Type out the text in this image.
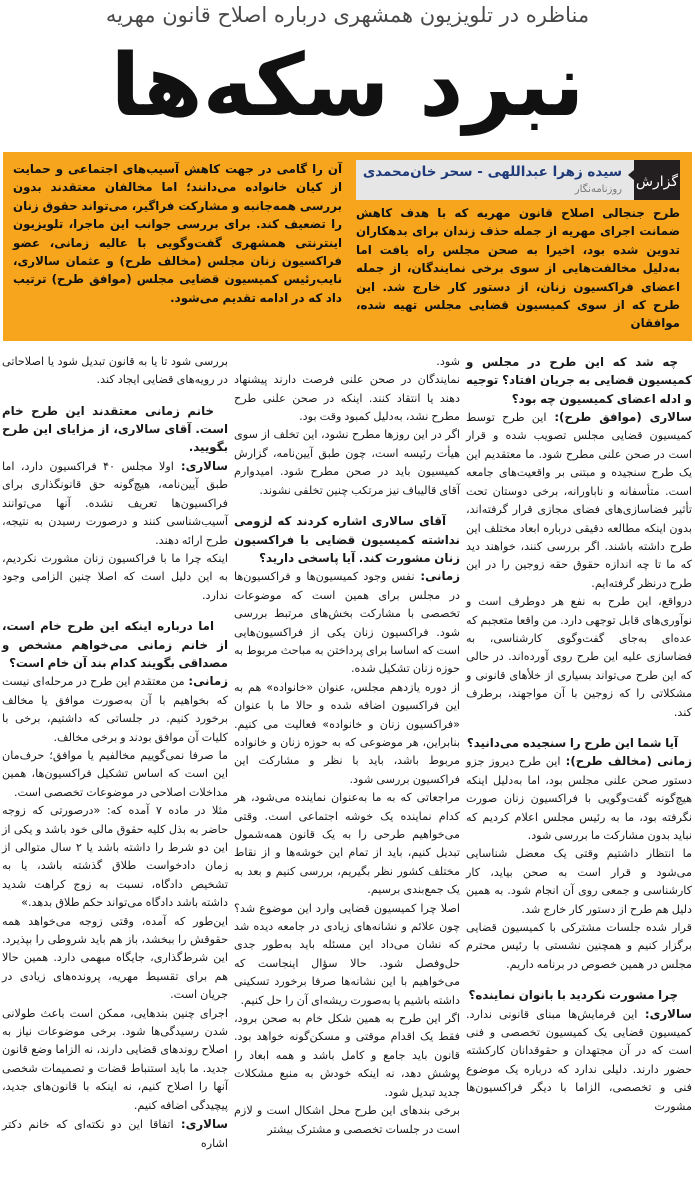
مناظره در تلویزیون همشهری درباره اصلاح قانون مهریه
نبرد سکه‌ها
گزارش
سیده زهرا عبداللهی - سحر خان‌محمدی
روزنامه‌نگار
طرح جنجالی اصلاح قانون مهریه که با هدف کاهش ضمانت اجرای مهریه از جمله حذف زندان برای بدهکاران تدوین شده بود، اخیرا به صحن مجلس راه یافت اما به‌دلیل مخالفت‌هایی از سوی برخی نمایندگان، از جمله اعضای فراکسیون زنان، از دستور کار خارج شد. این طرح که از سوی کمیسیون قضایی مجلس تهیه شده، موافقان
آن را گامی در جهت کاهش آسیب‌های اجتماعی و حمایت از کیان خانواده می‌دانند؛ اما مخالفان معتقدند بدون بررسی همه‌جانبه و مشارکت فراگیر، می‌تواند حقوق زنان را تضعیف کند. برای بررسی جوانب این ماجرا، تلویزیون اینترنتی همشهری گفت‌وگویی با عالیه زمانی، عضو فراکسیون زنان مجلس (مخالف طرح) و عثمان سالاری، نایب‌رئیس کمیسیون قضایی مجلس (موافق طرح) ترتیب داد که در ادامه تقدیم می‌شود.

چه شد که این طرح در مجلس و کمیسیون قضایی به جریان افتاد؟ توجیه و ادله اعضای کمیسیون چه بود؟

سالاری (موافق طرح): این طرح توسط کمیسیون قضایی مجلس تصویب شده و قرار است در صحن علنی مطرح شود. ما معتقدیم این یک طرح سنجیده و مبتنی بر واقعیت‌های جامعه است. متأسفانه و ناباورانه، برخی دوستان تحت تأثیر فضاسازی‌های فضای مجازی قرار گرفته‌اند، بدون اینکه مطالعه دقیقی درباره ابعاد مختلف این طرح داشته باشند. اگر بررسی کنند، خواهند دید که ما تا چه اندازه حقوق حقه زوجین را در این طرح درنظر گرفته‌ایم.

درواقع، این طرح به نفع هر دوطرف است و نوآوری‌های قابل توجهی دارد. من واقعا متعجبم که عده‌ای به‌جای گفت‌وگوی کارشناسی، به فضاسازی علیه این طرح روی آورده‌اند. در حالی که این طرح می‌تواند بسیاری از خلأهای قانونی و مشکلاتی را که زوجین با آن مواجهند، برطرف کند.

آیا شما این طرح را سنجیده می‌دانید؟

زمانی (مخالف طرح): این طرح دیروز جزو دستور صحن علنی مجلس بود، اما به‌دلیل اینکه هیچ‌گونه گفت‌وگویی با فراکسیون زنان صورت نگرفته بود، ما به رئیس مجلس اعلام کردیم که نباید بدون مشارکت ما بررسی شود.

ما انتظار داشتیم وقتی یک معضل شناسایی می‌شود و قرار است به صحن بیاید، کار کارشناسی و جمعی روی آن انجام شود. به همین دلیل هم طرح از دستور کار خارج شد.

قرار شده جلسات مشترکی با کمیسیون قضایی برگزار کنیم و همچنین نشستی با رئیس محترم مجلس در همین خصوص در برنامه داریم.

چرا مشورت نکردید با بانوان نماینده؟

سالاری: این فرمایش‌ها مبنای قانونی ندارد. کمیسیون قضایی یک کمیسیون تخصصی و فنی است که در آن مجتهدان و حقوقدانان کارکشته حضور دارند. دلیلی ندارد که درباره یک موضوع فنی و تخصصی، الزاما با دیگر فراکسیون‌ها مشورت

شود.

نمایندگان در صحن علنی فرصت دارند پیشنهاد دهند یا انتقاد کنند. اینکه در صحن علنی طرح مطرح نشد، به‌دلیل کمبود وقت بود.

اگر در این روزها مطرح نشود، این تخلف از سوی هیأت رئیسه است، چون طبق آیین‌نامه، گزارش کمیسیون باید در صحن مطرح شود. امیدوارم آقای قالیباف نیز مرتکب چنین تخلفی نشوند.

آقای سالاری اشاره کردند که لزومی نداشته کمیسیون قضایی با فراکسیون زنان مشورت کند. آیا پاسخی دارید؟

زمانی: نفس وجود کمیسیون‌ها و فراکسیون‌ها در مجلس برای همین است که موضوعات تخصصی با مشارکت بخش‌های مرتبط بررسی شود. فراکسیون زنان یکی از فراکسیون‌هایی است که اساسا برای پرداختن به مباحث مربوط به حوزه زنان تشکیل شده.

از دوره یازدهم مجلس، عنوان «خانواده» هم به این فراکسیون اضافه شده و حالا ما با عنوان «فراکسیون زنان و خانواده» فعالیت می کنیم. بنابراین، هر موضوعی که به حوزه زنان و خانواده مربوط باشد، باید با نظر و مشارکت این فراکسیون بررسی شود.

مراجعاتی که به ما به‌عنوان نماینده می‌شود، هر کدام نماینده یک خوشه اجتماعی است. وقتی می‌خواهیم طرحی را به یک قانون همه‌شمول تبدیل کنیم، باید از تمام این خوشه‌ها و از نقاط مختلف کشور نظر بگیریم، بررسی کنیم و بعد به یک جمع‌بندی برسیم.

اصلا چرا کمیسیون قضایی وارد این موضوع شد؟ چون علائم و نشانه‌های زیادی در جامعه دیده شد که نشان می‌داد این مسئله باید به‌طور جدی حل‌وفصل شود. حالا سؤال اینجاست که می‌خواهیم با این نشانه‌ها صرفا برخورد تسکینی داشته باشیم یا به‌صورت ریشه‌ای آن را حل کنیم.

اگر این طرح به همین شکل خام به صحن برود، فقط یک اقدام موقتی و مسکن‌گونه خواهد بود. قانون باید جامع و کامل باشد و همه ابعاد را پوشش دهد، نه اینکه خودش به منبع مشکلات جدید تبدیل شود.

برخی بندهای این طرح محل اشکال است و لازم است در جلسات تخصصی و مشترک بیشتر

بررسی شود تا یا به قانون تبدیل شود یا اصلاحاتی در رویه‌های قضایی ایجاد کند.

خانم زمانی معتقدند این طرح خام است. آقای سالاری، از مزایای این طرح بگویید.

سالاری: اولا مجلس ۴۰ فراکسیون دارد، اما طبق آیین‌نامه، هیچ‌گونه حق قانونگذاری برای فراکسیون‌ها تعریف نشده. آنها می‌توانند آسیب‌شناسی کنند و درصورت رسیدن به نتیجه، طرح ارائه دهند.

اینکه چرا ما با فراکسیون زنان مشورت نکردیم، به این دلیل است که اصلا چنین الزامی وجود ندارد.

اما درباره اینکه این طرح خام است، از خانم زمانی می‌خواهم مشخص و مصداقی بگویند کدام بند آن خام است؟

زمانی: من معتقدم این طرح در مرحله‌ای نیست که بخواهیم با آن به‌صورت موافق یا مخالف برخورد کنیم. در جلساتی که داشتیم، برخی با کلیات آن موافق بودند و برخی مخالف.

ما صرفا نمی‌گوییم مخالفیم یا موافق؛ حرف‌مان این است که اساس تشکیل فراکسیون‌ها، همین مداخلات اصلاحی در موضوعات تخصصی است.

مثلا در ماده ۷ آمده که: «درصورتی که زوجه حاضر به بذل کلیه حقوق مالی خود باشد و یکی از این دو شرط را داشته باشد یا ۲ سال متوالی از زمان دادخواست طلاق گذشته باشد، یا به تشخیص دادگاه، نسبت به زوج کراهت شدید داشته باشد دادگاه می‌تواند حکم طلاق بدهد.»

این‌طور که آمده، وقتی زوجه می‌خواهد همه حقوقش را ببخشد، باز هم باید شروطی را بپذیرد. این شرط‌گذاری، جایگاه مبهمی دارد. همین حالا هم برای تقسیط مهریه، پرونده‌های زیادی در جریان است.

اجرای چنین بندهایی، ممکن است باعث طولانی شدن رسیدگی‌ها شود. برخی موضوعات نیاز به اصلاح روندهای قضایی دارند، نه الزاما وضع قانون جدید. ما باید استنباط قضات و تصمیمات شخصی آنها را اصلاح کنیم، نه اینکه با قانون‌های جدید، پیچیدگی اضافه کنیم.

سالاری: اتفاقا این دو نکته‌ای که خانم دکتر اشاره
